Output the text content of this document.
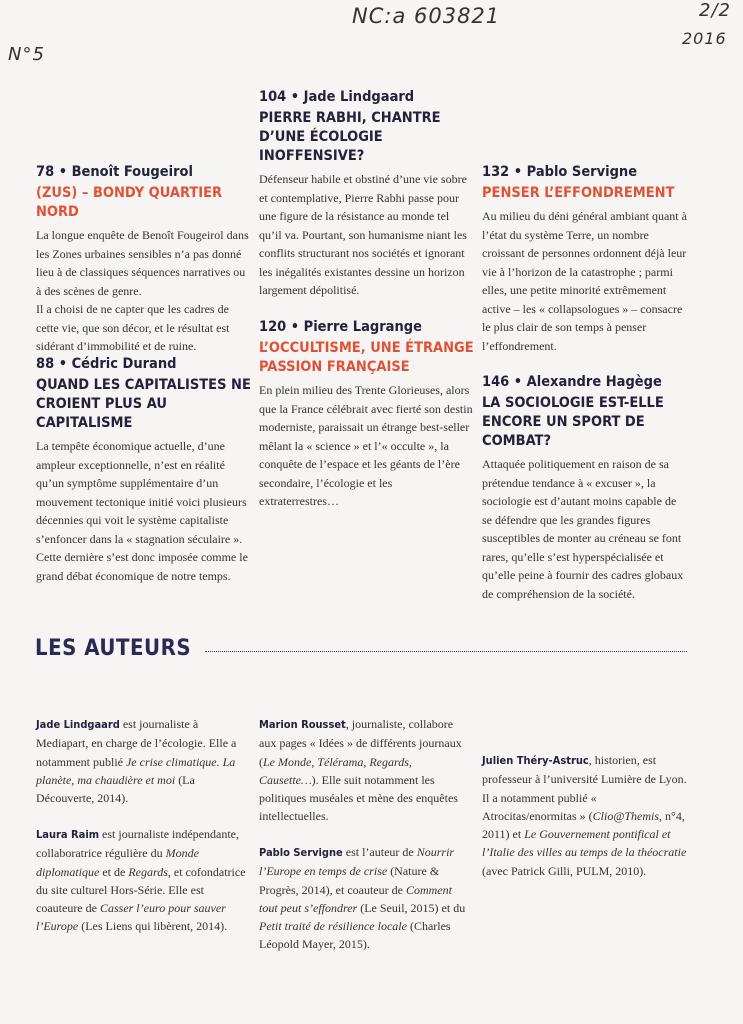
NC:a 603821	2/2
2016
N°5
78 • Benoît Fougeirol
(ZUS) – BONDY QUARTIER NORD

La longue enquête de Benoît Fougeirol dans les Zones urbaines sensibles n’a pas donné lieu à de classiques séquences narratives ou à des scènes de genre.

Il a choisi de ne capter que les cadres de cette vie, que son décor, et le résultat est sidérant d’immobilité et de ruine.

88 • Cédric Durand
QUAND LES CAPITALISTES NE CROIENT PLUS AU CAPITALISME

La tempête économique actuelle, d’une ampleur exceptionnelle, n’est en réalité qu’un symptôme supplémentaire d’un mouvement tectonique initié voici plusieurs décennies qui voit le système capitaliste s’enfoncer dans la « stagnation séculaire ». Cette dernière s’est donc imposée comme le grand débat économique de notre temps.

104 • Jade Lindgaard
PIERRE RABHI, CHANTRE D’UNE ÉCOLOGIE INOFFENSIVE?

Défenseur habile et obstiné d’une vie sobre et contemplative, Pierre Rabhi passe pour une figure de la résistance au monde tel qu’il va. Pourtant, son humanisme niant les conflits structurant nos sociétés et ignorant les inégalités existantes dessine un horizon largement dépolitisé.

120 • Pierre Lagrange
L’OCCULTISME, UNE ÉTRANGE PASSION FRANÇAISE

En plein milieu des Trente Glorieuses, alors que la France célébrait avec fierté son destin moderniste, paraissait un étrange best-seller mêlant la « science » et l’« occulte », la conquête de l’espace et les géants de l’ère secondaire, l’écologie et les extraterrestres…

132 • Pablo Servigne
PENSER L’EFFONDREMENT

Au milieu du déni général ambiant quant à l’état du système Terre, un nombre croissant de personnes ordonnent déjà leur vie à l’horizon de la catastrophe ; parmi elles, une petite minorité extrêmement active – les « collapsologues » – consacre le plus clair de son temps à penser l’effondrement.

146 • Alexandre Hagège
LA SOCIOLOGIE EST-ELLE ENCORE UN SPORT DE COMBAT?

Attaquée politiquement en raison de sa prétendue tendance à « excuser », la sociologie est d’autant moins capable de se défendre que les grandes figures susceptibles de monter au créneau se font rares, qu’elle s’est hyperspécialisée et qu’elle peine à fournir des cadres globaux de compréhension de la société.

LES AUTEURS

Jade Lindgaard est journaliste à Mediapart, en charge de l’écologie. Elle a notamment publié Je crise climatique. La planète, ma chaudière et moi (La Découverte, 2014).

Laura Raim est journaliste indépendante, collaboratrice régulière du Monde diplomatique et de Regards, et cofondatrice du site culturel Hors-Série. Elle est coauteure de Casser l’euro pour sauver l’Europe (Les Liens qui libèrent, 2014).

Marion Rousset, journaliste, collabore aux pages « Idées » de différents journaux (Le Monde, Télérama, Regards, Causette…). Elle suit notamment les politiques muséales et mène des enquêtes intellectuelles.

Pablo Servigne est l’auteur de Nourrir l’Europe en temps de crise (Nature & Progrès, 2014), et coauteur de Comment tout peut s’effondrer (Le Seuil, 2015) et du Petit traité de résilience locale (Charles Léopold Mayer, 2015).

Julien Théry-Astruc, historien, est professeur à l’université Lumière de Lyon. Il a notamment publié « Atrocitas/enormitas » (Clio@Themis, n°4, 2011) et Le Gouvernement pontifical et l’Italie des villes au temps de la théocratie (avec Patrick Gilli, PULM, 2010).
